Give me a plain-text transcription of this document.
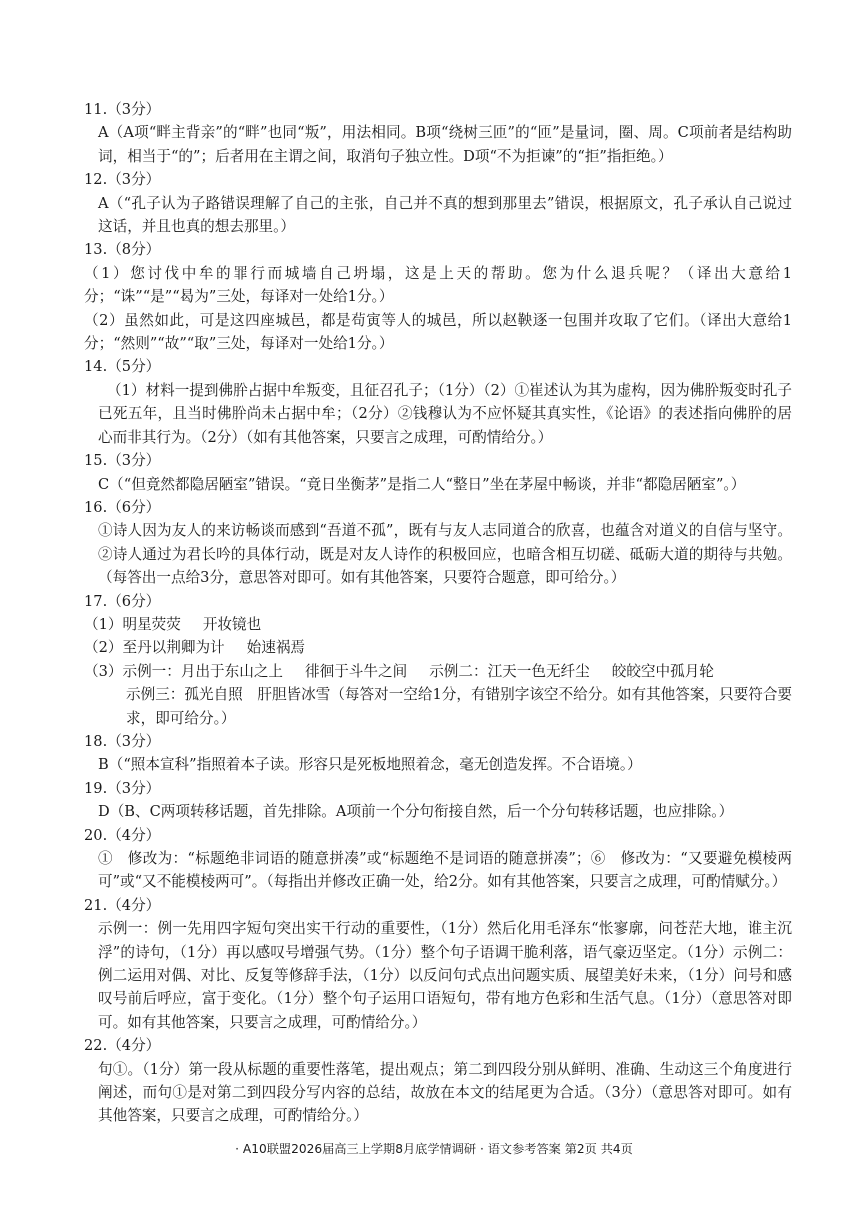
11.（3分）

A（A项“畔主背亲”的“畔”也同“叛”，用法相同。B项“绕树三匝”的“匝”是量词，圈、周。C项前者是结构助词，相当于“的”；后者用在主谓之间，取消句子独立性。D项“不为拒谏”的“拒”指拒绝。）

12.（3分）

A（“孔子认为子路错误理解了自己的主张，自己并不真的想到那里去”错误，根据原文，孔子承认自己说过这话，并且也真的想去那里。）

13.（8分）

（1）您讨伐中牟的罪行而城墙自己坍塌，这是上天的帮助。您为什么退兵呢？（译出大意给1分；“诛”“是”“曷为”三处，每译对一处给1分。）

（2）虽然如此，可是这四座城邑，都是茍寅等人的城邑，所以赵鞅逐一包围并攻取了它们。（译出大意给1分；“然则”“故”“取”三处，每译对一处给1分。）

14.（5分）

（1）材料一提到佛肸占据中牟叛变，且征召孔子；（1分）（2）①崔述认为其为虚构，因为佛肸叛变时孔子已死五年，且当时佛肸尚未占据中牟；（2分）②钱穆认为不应怀疑其真实性，《论语》的表述指向佛肸的居心而非其行为。（2分）（如有其他答案，只要言之成理，可酌情给分。）

15.（3分）

C（“但竟然都隐居陋室”错误。“竟日坐衡茅”是指二人“整日”坐在茅屋中畅谈，并非“都隐居陋室”。）

16.（6分）

①诗人因为友人的来访畅谈而感到“吾道不孤”，既有与友人志同道合的欣喜，也蕴含对道义的自信与坚守。②诗人通过为君长吟的具体行动，既是对友人诗作的积极回应，也暗含相互切磋、砥砺大道的期待与共勉。（每答出一点给3分，意思答对即可。如有其他答案，只要符合题意，即可给分。）

17.（6分）

（1）明星荧荧 开妆镜也

（2）至丹以荆卿为计 始速祸焉

（3）示例一：月出于东山之上 徘徊于斗牛之间 示例二：江天一色无纤尘 皎皎空中孤月轮

示例三：孤光自照　肝胆皆冰雪（每答对一空给1分，有错别字该空不给分。如有其他答案，只要符合要求，即可给分。）

18.（3分）

B（“照本宣科”指照着本子读。形容只是死板地照着念，毫无创造发挥。不合语境。）

19.（3分）

D（B、C两项转移话题，首先排除。A项前一个分句衔接自然，后一个分句转移话题，也应排除。）

20.（4分）

①　修改为：“标题绝非词语的随意拼凑”或“标题绝不是词语的随意拼凑”；⑥　修改为：“又要避免模棱两可”或“又不能模棱两可”。（每指出并修改正确一处，给2分。如有其他答案，只要言之成理，可酌情赋分。）

21.（4分）

示例一：例一先用四字短句突出实干行动的重要性，（1分）然后化用毛泽东“怅寥廓，问苍茫大地，谁主沉浮”的诗句，（1分）再以感叹号增强气势。（1分）整个句子语调干脆利落，语气豪迈坚定。（1分）示例二：例二运用对偶、对比、反复等修辞手法，（1分）以反问句式点出问题实质、展望美好未来，（1分）问号和感叹号前后呼应，富于变化。（1分）整个句子运用口语短句，带有地方色彩和生活气息。（1分）（意思答对即可。如有其他答案，只要言之成理，可酌情给分。）

22.（4分）

句①。（1分）第一段从标题的重要性落笔，提出观点；第二到四段分别从鲜明、准确、生动这三个角度进行阐述，而句①是对第二到四段分写内容的总结，故放在本文的结尾更为合适。（3分）（意思答对即可。如有其他答案，只要言之成理，可酌情给分。）

· A10联盟2026届高三上学期8月底学情调研 · 语文参考答案 第2页 共4页
